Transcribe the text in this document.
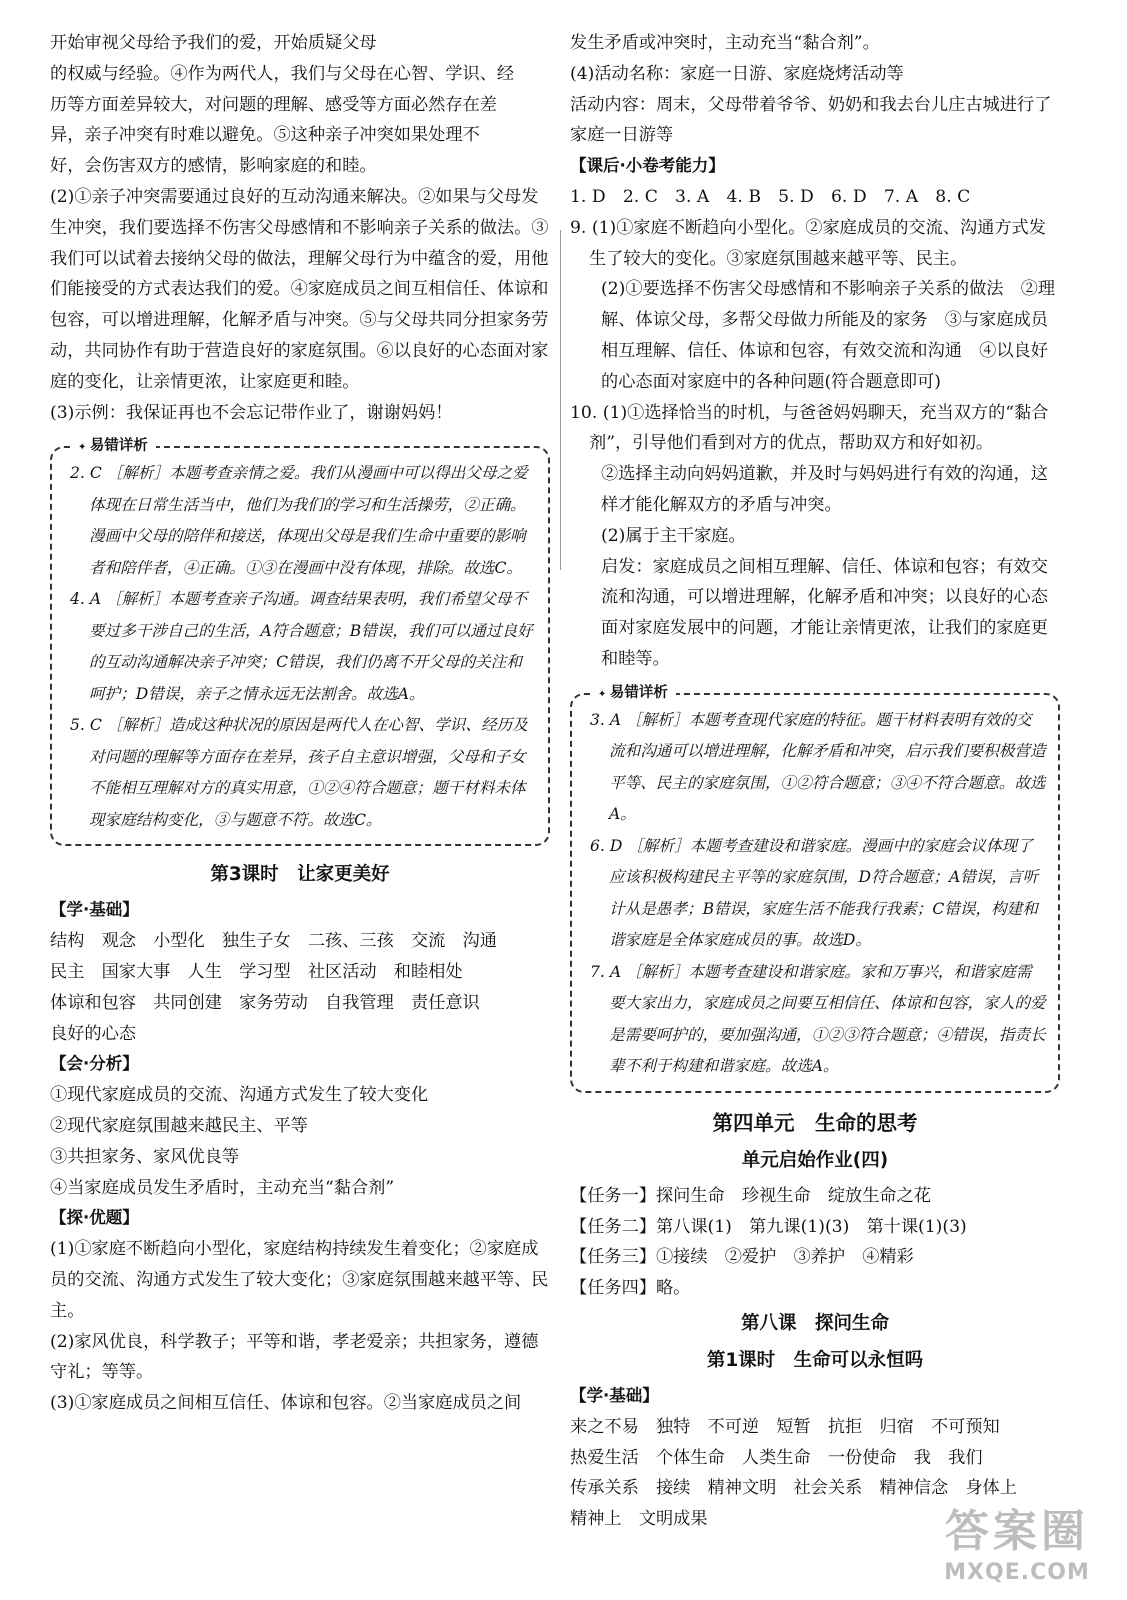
开始审视父母给予我们的爱，开始质疑父母

的权威与经验。④作为两代人，我们与父母在心智、学识、经

历等方面差异较大，对问题的理解、感受等方面必然存在差

异，亲子冲突有时难以避免。⑤这种亲子冲突如果处理不

好，会伤害双方的感情，影响家庭的和睦。

(2)①亲子冲突需要通过良好的互动沟通来解决。②如果与父母发生冲突，我们要选择不伤害父母感情和不影响亲子关系的做法。③我们可以试着去接纳父母的做法，理解父母行为中蕴含的爱，用他们能接受的方式表达我们的爱。④家庭成员之间互相信任、体谅和包容，可以增进理解，化解矛盾与冲突。⑤与父母共同分担家务劳动，共同协作有助于营造良好的家庭氛围。⑥以良好的心态面对家庭的变化，让亲情更浓，让家庭更和睦。

(3)示例：我保证再也不会忘记带作业了，谢谢妈妈！

✦ 易错详析

2. C ［解析］本题考查亲情之爱。我们从漫画中可以得出父母之爱体现在日常生活当中，他们为我们的学习和生活操劳，②正确。漫画中父母的陪伴和接送，体现出父母是我们生命中重要的影响者和陪伴者，④正确。①③在漫画中没有体现，排除。故选C。

4. A ［解析］本题考查亲子沟通。调查结果表明，我们希望父母不要过多干涉自己的生活，A符合题意；B错误，我们可以通过良好的互动沟通解决亲子冲突；C错误，我们仍离不开父母的关注和呵护；D错误，亲子之情永远无法割舍。故选A。

5. C ［解析］造成这种状况的原因是两代人在心智、学识、经历及对问题的理解等方面存在差异，孩子自主意识增强，父母和子女不能相互理解对方的真实用意，①②④符合题意；题干材料未体现家庭结构变化，③与题意不符。故选C。

第3课时　让家更美好

【学·基础】

结构　观念　小型化　独生子女　二孩、三孩　交流　沟通

民主　国家大事　人生　学习型　社区活动　和睦相处

体谅和包容　共同创建　家务劳动　自我管理　责任意识

良好的心态

【会·分析】

①现代家庭成员的交流、沟通方式发生了较大变化

②现代家庭氛围越来越民主、平等

③共担家务、家风优良等

④当家庭成员发生矛盾时，主动充当“黏合剂”

【探·优题】

(1)①家庭不断趋向小型化，家庭结构持续发生着变化；②家庭成员的交流、沟通方式发生了较大变化；③家庭氛围越来越平等、民主。

(2)家风优良，科学教子；平等和谐，孝老爱亲；共担家务，遵德守礼；等等。

(3)①家庭成员之间相互信任、体谅和包容。②当家庭成员之间

发生矛盾或冲突时，主动充当“黏合剂”。

(4)活动名称：家庭一日游、家庭烧烤活动等

活动内容：周末，父母带着爷爷、奶奶和我去台儿庄古城进行了家庭一日游等

【课后·小卷考能力】

1. D　2. C　3. A　4. B　5. D　6. D　7. A　8. C

9. (1)①家庭不断趋向小型化。②家庭成员的交流、沟通方式发生了较大的变化。③家庭氛围越来越平等、民主。

(2)①要选择不伤害父母感情和不影响亲子关系的做法　②理解、体谅父母，多帮父母做力所能及的家务　③与家庭成员相互理解、信任、体谅和包容，有效交流和沟通　④以良好的心态面对家庭中的各种问题(符合题意即可)

10. (1)①选择恰当的时机，与爸爸妈妈聊天，充当双方的“黏合剂”，引导他们看到对方的优点，帮助双方和好如初。

②选择主动向妈妈道歉，并及时与妈妈进行有效的沟通，这样才能化解双方的矛盾与冲突。

(2)属于主干家庭。

启发：家庭成员之间相互理解、信任、体谅和包容；有效交流和沟通，可以增进理解，化解矛盾和冲突；以良好的心态面对家庭发展中的问题，才能让亲情更浓，让我们的家庭更和睦等。

✦ 易错详析

3. A ［解析］本题考查现代家庭的特征。题干材料表明有效的交流和沟通可以增进理解，化解矛盾和冲突，启示我们要积极营造平等、民主的家庭氛围，①②符合题意；③④不符合题意。故选A。

6. D ［解析］本题考查建设和谐家庭。漫画中的家庭会议体现了应该积极构建民主平等的家庭氛围，D符合题意；A错误，言听计从是愚孝；B错误，家庭生活不能我行我素；C错误，构建和谐家庭是全体家庭成员的事。故选D。

7. A ［解析］本题考查建设和谐家庭。家和万事兴，和谐家庭需要大家出力，家庭成员之间要互相信任、体谅和包容，家人的爱是需要呵护的，要加强沟通，①②③符合题意；④错误，指责长辈不利于构建和谐家庭。故选A。

第四单元　生命的思考
单元启始作业(四)

【任务一】探问生命　珍视生命　绽放生命之花

【任务二】第八课(1)　第九课(1)(3)　第十课(1)(3)

【任务三】①接续　②爱护　③养护　④精彩

【任务四】略。

第八课　探问生命
第1课时　生命可以永恒吗

【学·基础】

来之不易　独特　不可逆　短暂　抗拒　归宿　不可预知

热爱生活　个体生命　人类生命　一份使命　我　我们

传承关系　接续　精神文明　社会关系　精神信念　身体上

精神上　文明成果	答案圈
MXQE.COM
